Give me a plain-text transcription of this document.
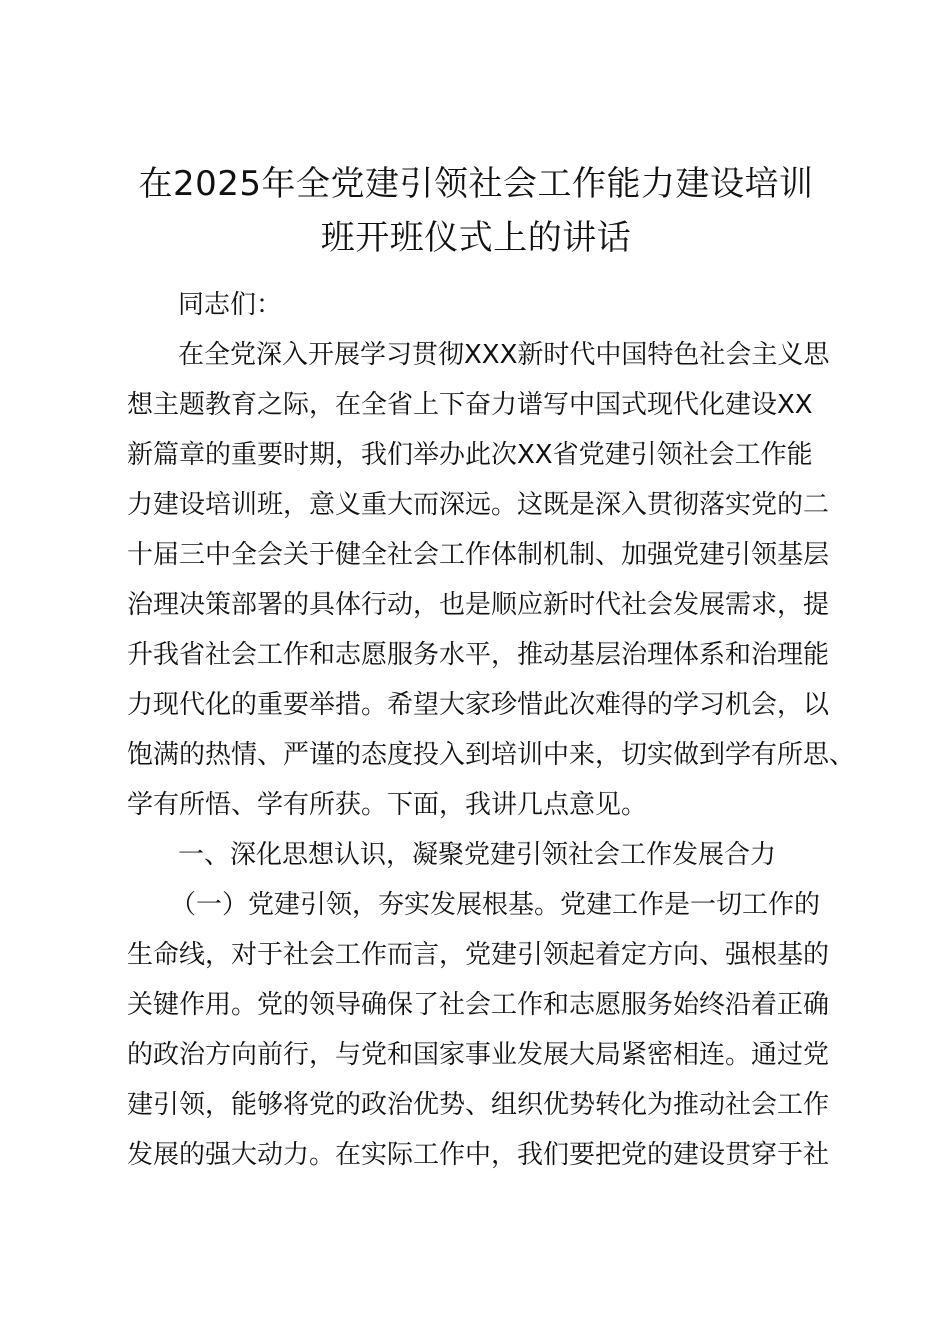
在2025年全党建引领社会工作能力建设培训
班开班仪式上的讲话

同志们：

在全党深入开展学习贯彻XXX新时代中国特色社会主义思

想主题教育之际，在全省上下奋力谱写中国式现代化建设XX

新篇章的重要时期，我们举办此次XX省党建引领社会工作能

力建设培训班，意义重大而深远。这既是深入贯彻落实党的二

十届三中全会关于健全社会工作体制机制、加强党建引领基层

治理决策部署的具体行动，也是顺应新时代社会发展需求，提

升我省社会工作和志愿服务水平，推动基层治理体系和治理能

力现代化的重要举措。希望大家珍惜此次难得的学习机会，以

饱满的热情、严谨的态度投入到培训中来，切实做到学有所思、

学有所悟、学有所获。下面，我讲几点意见。

一、深化思想认识，凝聚党建引领社会工作发展合力

（一）党建引领，夯实发展根基。党建工作是一切工作的

生命线，对于社会工作而言，党建引领起着定方向、强根基的

关键作用。党的领导确保了社会工作和志愿服务始终沿着正确

的政治方向前行，与党和国家事业发展大局紧密相连。通过党

建引领，能够将党的政治优势、组织优势转化为推动社会工作

发展的强大动力。在实际工作中，我们要把党的建设贯穿于社
